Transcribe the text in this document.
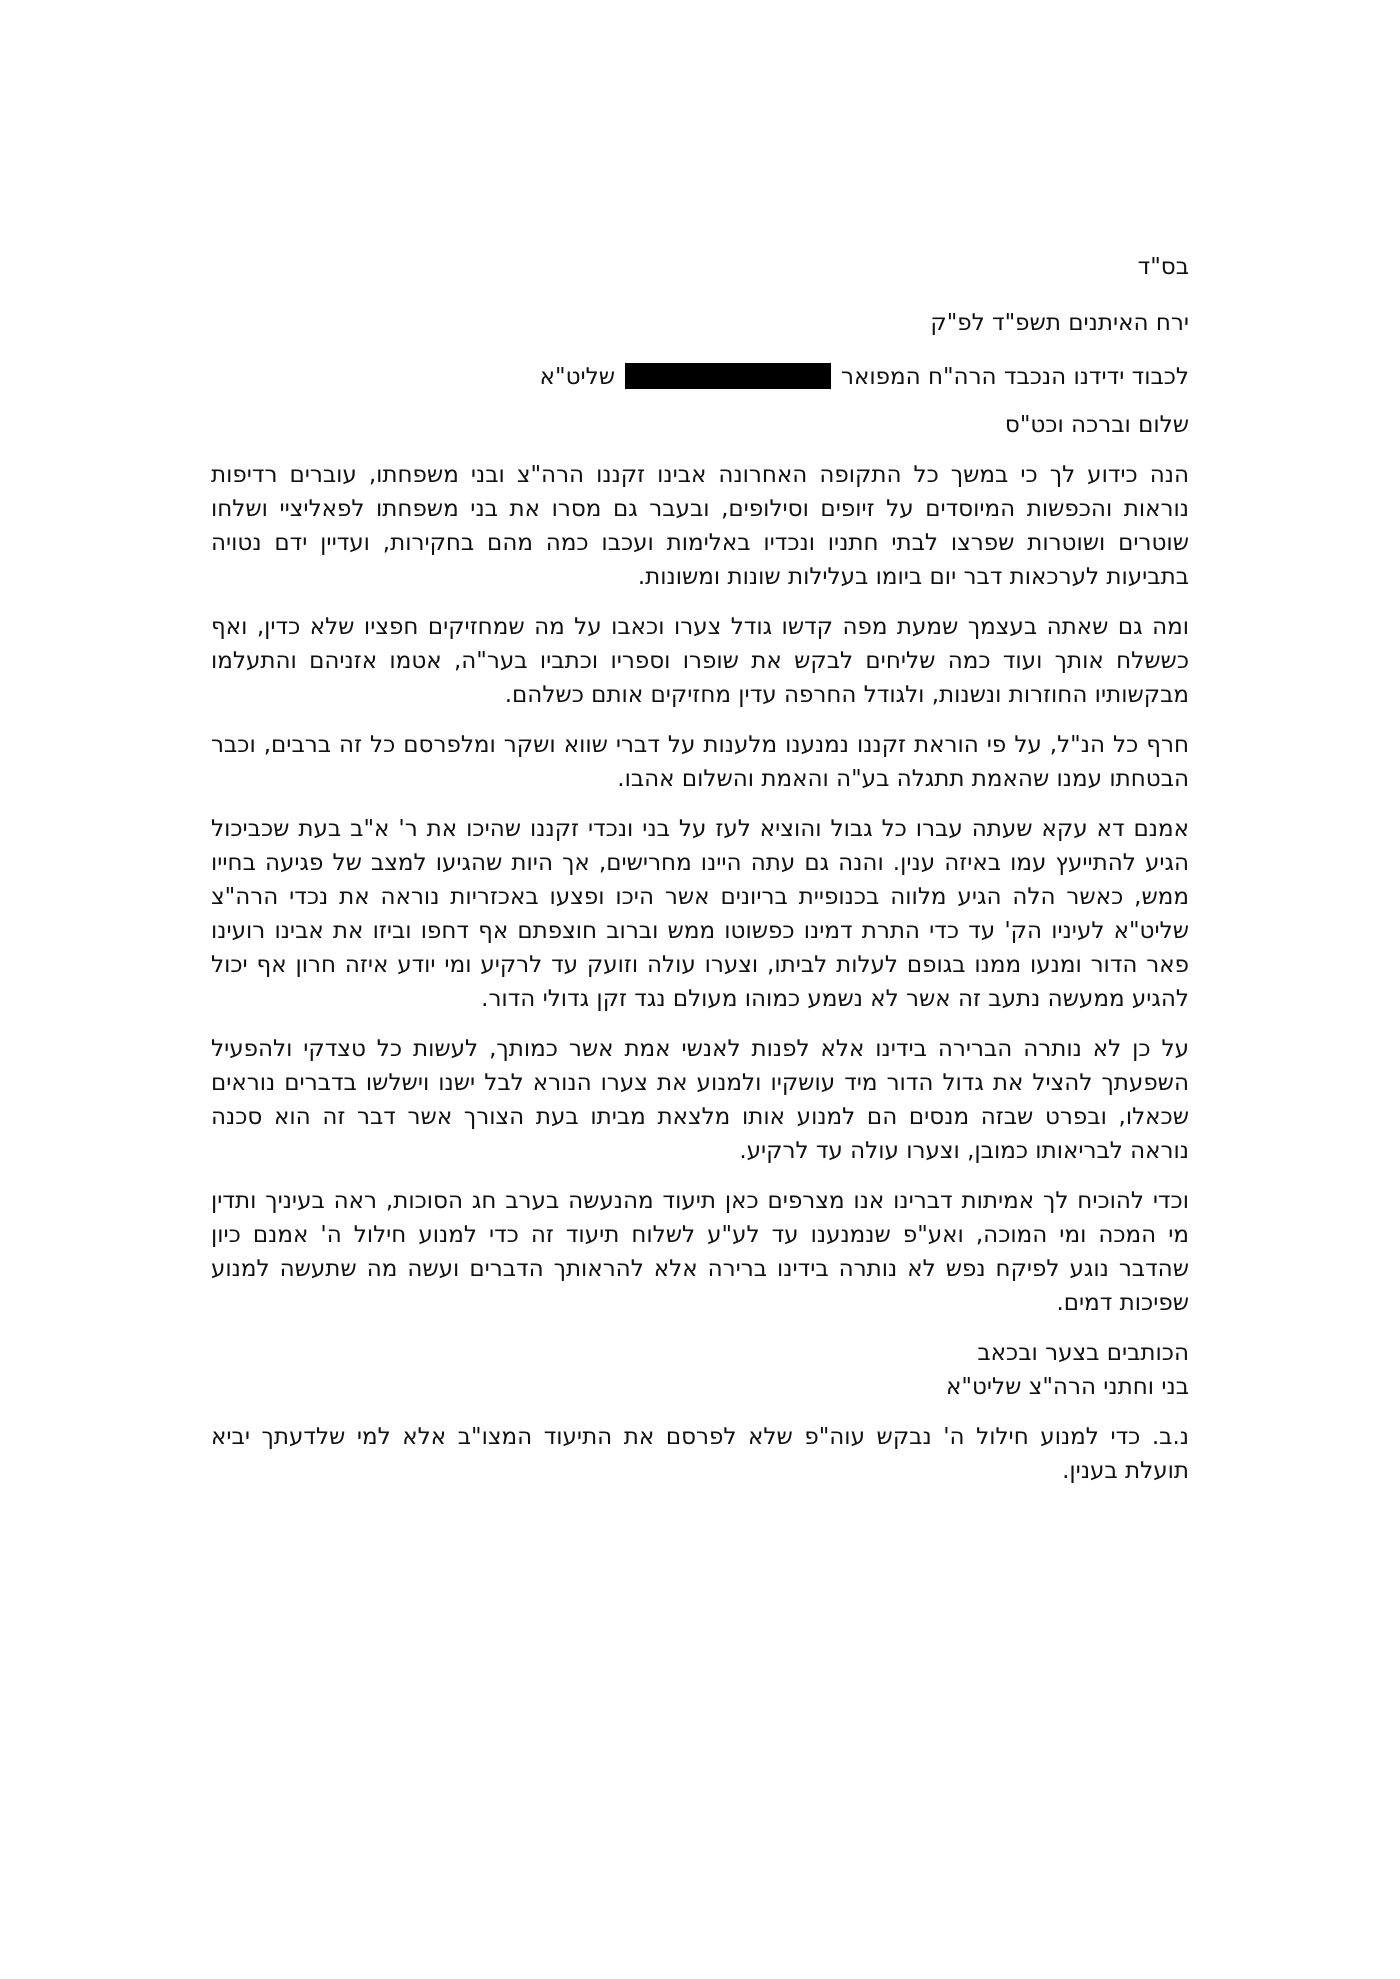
בס"ד
ירח האיתנים תשפ"ד לפ"ק
לכבוד ידידנו הנכבד הרה"ח המפוארשליט"א
שלום וברכה וכט"ס

הנה כידוע לך כי במשך כל התקופה האחרונה אבינו זקננו הרה"צ ובני משפחתו, עוברים רדיפות נוראות והכפשות המיוסדים על זיופים וסילופים, ובעבר גם מסרו את בני משפחתו לפאליציי ושלחו שוטרים ושוטרות שפרצו לבתי חתניו ונכדיו באלימות ועכבו כמה מהם בחקירות, ועדיין ידם נטויה בתביעות לערכאות דבר יום ביומו בעלילות שונות ומשונות.

ומה גם שאתה בעצמך שמעת מפה קדשו גודל צערו וכאבו על מה שמחזיקים חפציו שלא כדין, ואף כששלח אותך ועוד כמה שליחים לבקש את שופרו וספריו וכתביו בער"ה, אטמו אזניהם והתעלמו מבקשותיו החוזרות ונשנות, ולגודל החרפה עדין מחזיקים אותם כשלהם.

חרף כל הנ"ל, על פי הוראת זקננו נמנענו מלענות על דברי שווא ושקר ומלפרסם כל זה ברבים, וכבר הבטחתו עמנו שהאמת תתגלה בע"ה והאמת והשלום אהבו.

אמנם דא עקא שעתה עברו כל גבול והוציא לעז על בני ונכדי זקננו שהיכו את ר' א"ב בעת שכביכול הגיע להתייעץ עמו באיזה ענין. והנה גם עתה היינו מחרישים, אך היות שהגיעו למצב של פגיעה בחייו ממש, כאשר הלה הגיע מלווה בכנופיית בריונים אשר היכו ופצעו באכזריות נוראה את נכדי הרה"צ שליט"א לעיניו הק' עד כדי התרת דמינו כפשוטו ממש וברוב חוצפתם אף דחפו וביזו את אבינו רועינו פאר הדור ומנעו ממנו בגופם לעלות לביתו, וצערו עולה וזועק עד לרקיע ומי יודע איזה חרון אף יכול להגיע ממעשה נתעב זה אשר לא נשמע כמוהו מעולם נגד זקן גדולי הדור.

על כן לא נותרה הברירה בידינו אלא לפנות לאנשי אמת אשר כמותך, לעשות כל טצדקי ולהפעיל השפעתך להציל את גדול הדור מיד עושקיו ולמנוע את צערו הנורא לבל ישנו וישלשו בדברים נוראים שכאלו, ובפרט שבזה מנסים הם למנוע אותו מלצאת מביתו בעת הצורך אשר דבר זה הוא סכנה נוראה לבריאותו כמובן, וצערו עולה עד לרקיע.

וכדי להוכיח לך אמיתות דברינו אנו מצרפים כאן תיעוד מהנעשה בערב חג הסוכות, ראה בעיניך ותדין מי המכה ומי המוכה, ואע"פ שנמנענו עד לע"ע לשלוח תיעוד זה כדי למנוע חילול ה' אמנם כיון שהדבר נוגע לפיקח נפש לא נותרה בידינו ברירה אלא להראותך הדברים ועשה מה שתעשה למנוע שפיכות דמים.

הכותבים בצער ובכאב
בני וחתני הרה"צ שליט"א

נ.ב. כדי למנוע חילול ה' נבקש עוה"פ שלא לפרסם את התיעוד המצו"ב אלא למי שלדעתך יביא תועלת בענין.
